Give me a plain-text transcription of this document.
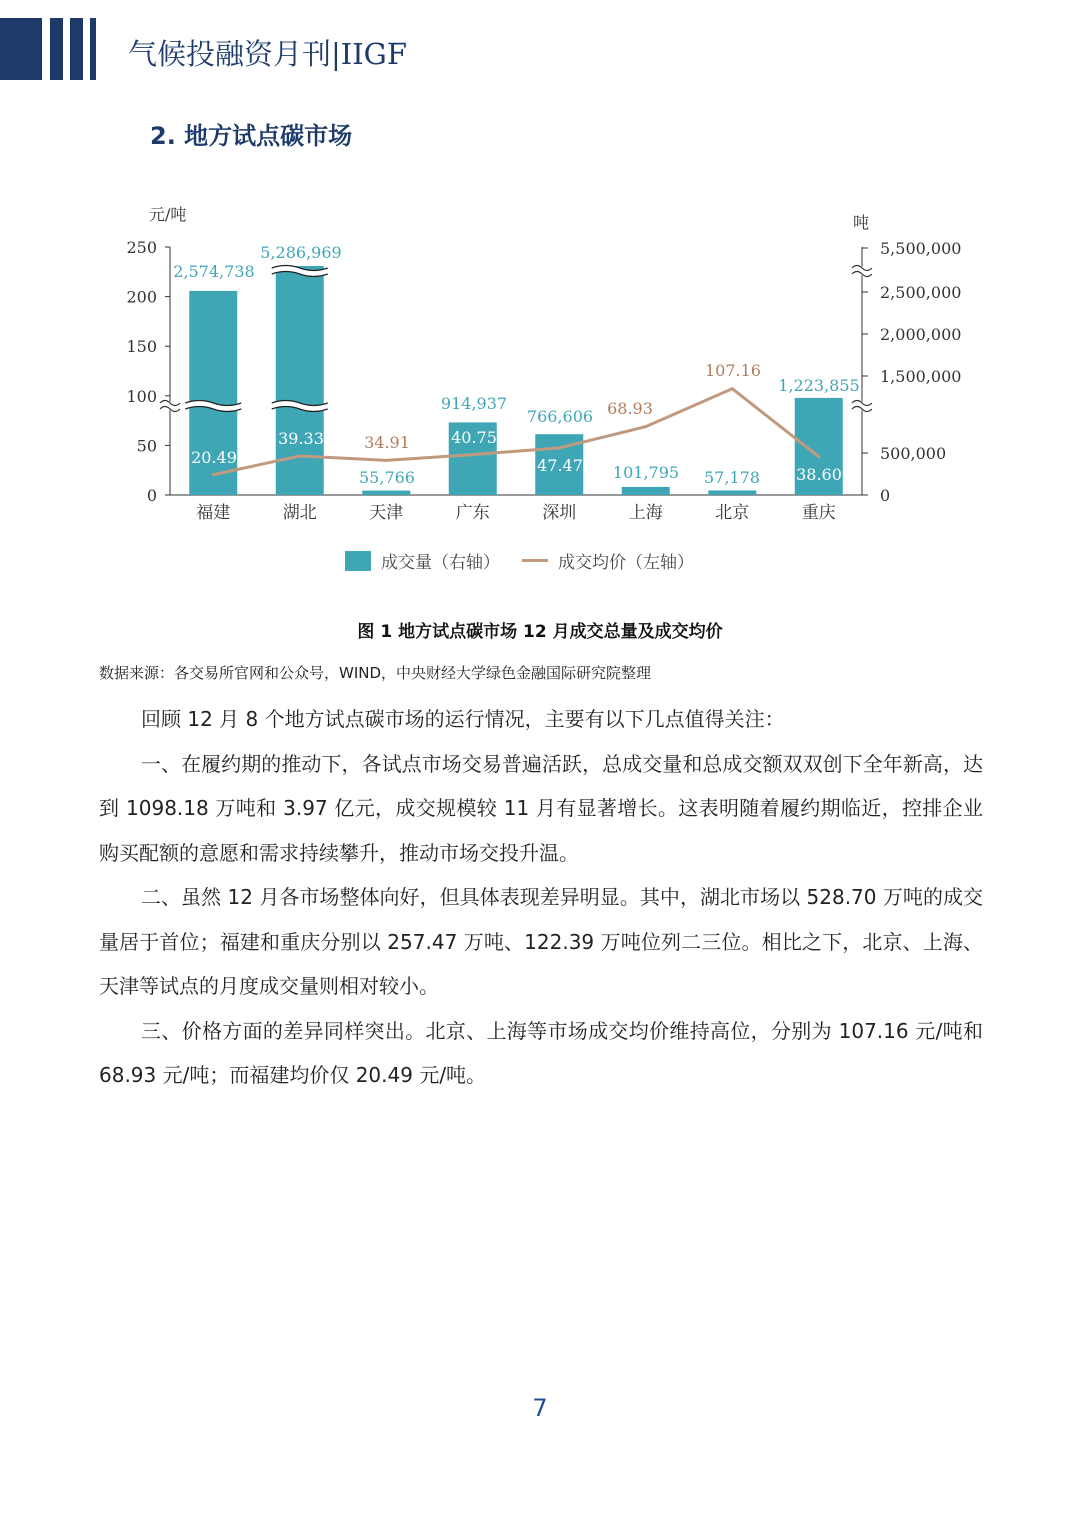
气候投融资月刊|IIGF
2. 地方试点碳市场
0
50
100
150
200
250
元/吨
0
500,000
1,500,000
2,000,000
2,500,000
5,500,000
吨
福建	湖北	天津	广东	深圳	上海	北京	重庆
2,574,738
5,286,969
55,766
914,937
766,606
101,795 57,178
1,223,855
20.49
39.33	34.91	40.75
47.47
68.93
107.16
38.60
成交量（右轴）	成交均价（左轴）
图 1 地方试点碳市场 12 月成交总量及成交均价
数据来源：各交易所官网和公众号，WIND，中央财经大学绿色金融国际研究院整理

回顾 12 月 8 个地方试点碳市场的运行情况，主要有以下几点值得关注：

一、在履约期的推动下，各试点市场交易普遍活跃，总成交量和总成交额双双创下全年新高，达到 1098.18 万吨和 3.97 亿元，成交规模较 11 月有显著增长。这表明随着履约期临近，控排企业购买配额的意愿和需求持续攀升，推动市场交投升温。

二、虽然 12 月各市场整体向好，但具体表现差异明显。其中，湖北市场以 528.70 万吨的成交量居于首位；福建和重庆分别以 257.47 万吨、122.39 万吨位列二三位。相比之下，北京、上海、天津等试点的月度成交量则相对较小。

三、价格方面的差异同样突出。北京、上海等市场成交均价维持高位，分别为 107.16 元/吨和 68.93 元/吨；而福建均价仅 20.49 元/吨。

7
